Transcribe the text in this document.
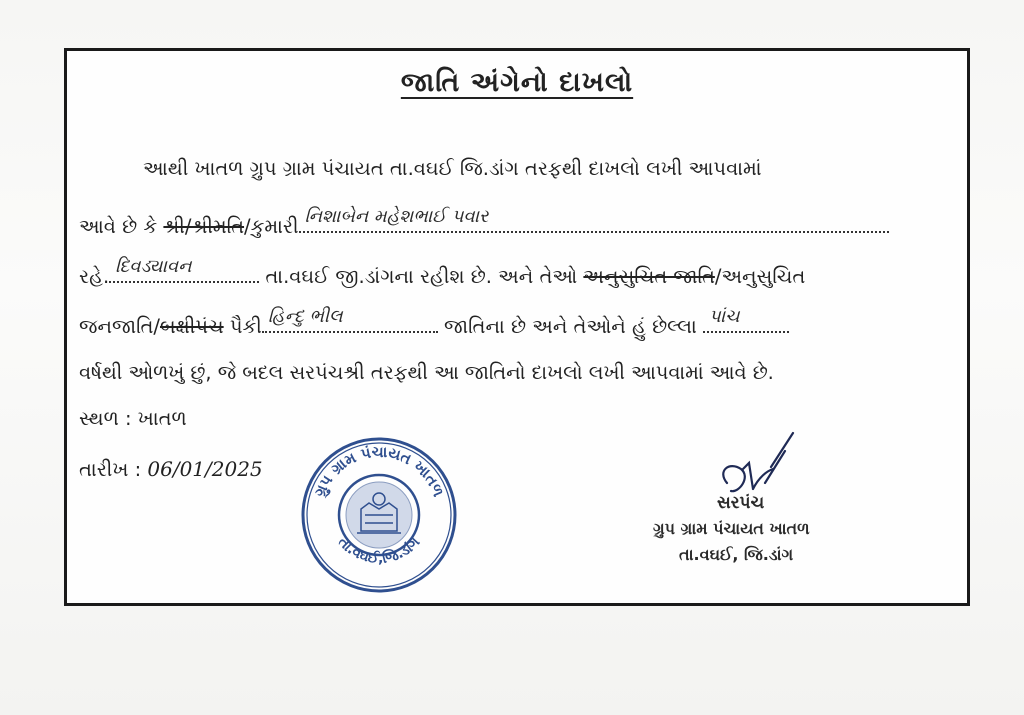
જાતિ અંગેનો દાખલો
આથી ખાતળ ગ્રુપ ગ્રામ પંચાયત તા.વઘઈ જિ.ડાંગ તરફથી દાખલો લખી આપવામાં
આવે છે કે શ્રી/શ્રીમતિ/કુમારી નિશાબેન મહેશભાઈ પવાર
રહે. દિવડ્યાવન	તા.વઘઈ જી.ડાંગના રહીશ છે. અને તેઓ અનુસુચિત જાતિ/અનુસુચિત
જનજાતિ/બક્ષીપંચ પૈકી હિન્દુ ભીલ	જાતિના છે અને તેઓને હું છેલ્લા પાંચ
વર્ષથી ઓળખું છું, જે બદલ સરપંચશ્રી તરફથી આ જાતિનો દાખલો લખી આપવામાં આવે છે.
સ્થળ : ખાતળ
તારીખ : 06/01/2025
ગ્રુપ ગ્રામ પંચાયત ખાતળ
તા.વઘઈ,જિ.ડાંગ
સરપંચ
ગ્રુપ ગ્રામ પંચાયત ખાતળ
તા.વઘઈ, જિ.ડાંગ
